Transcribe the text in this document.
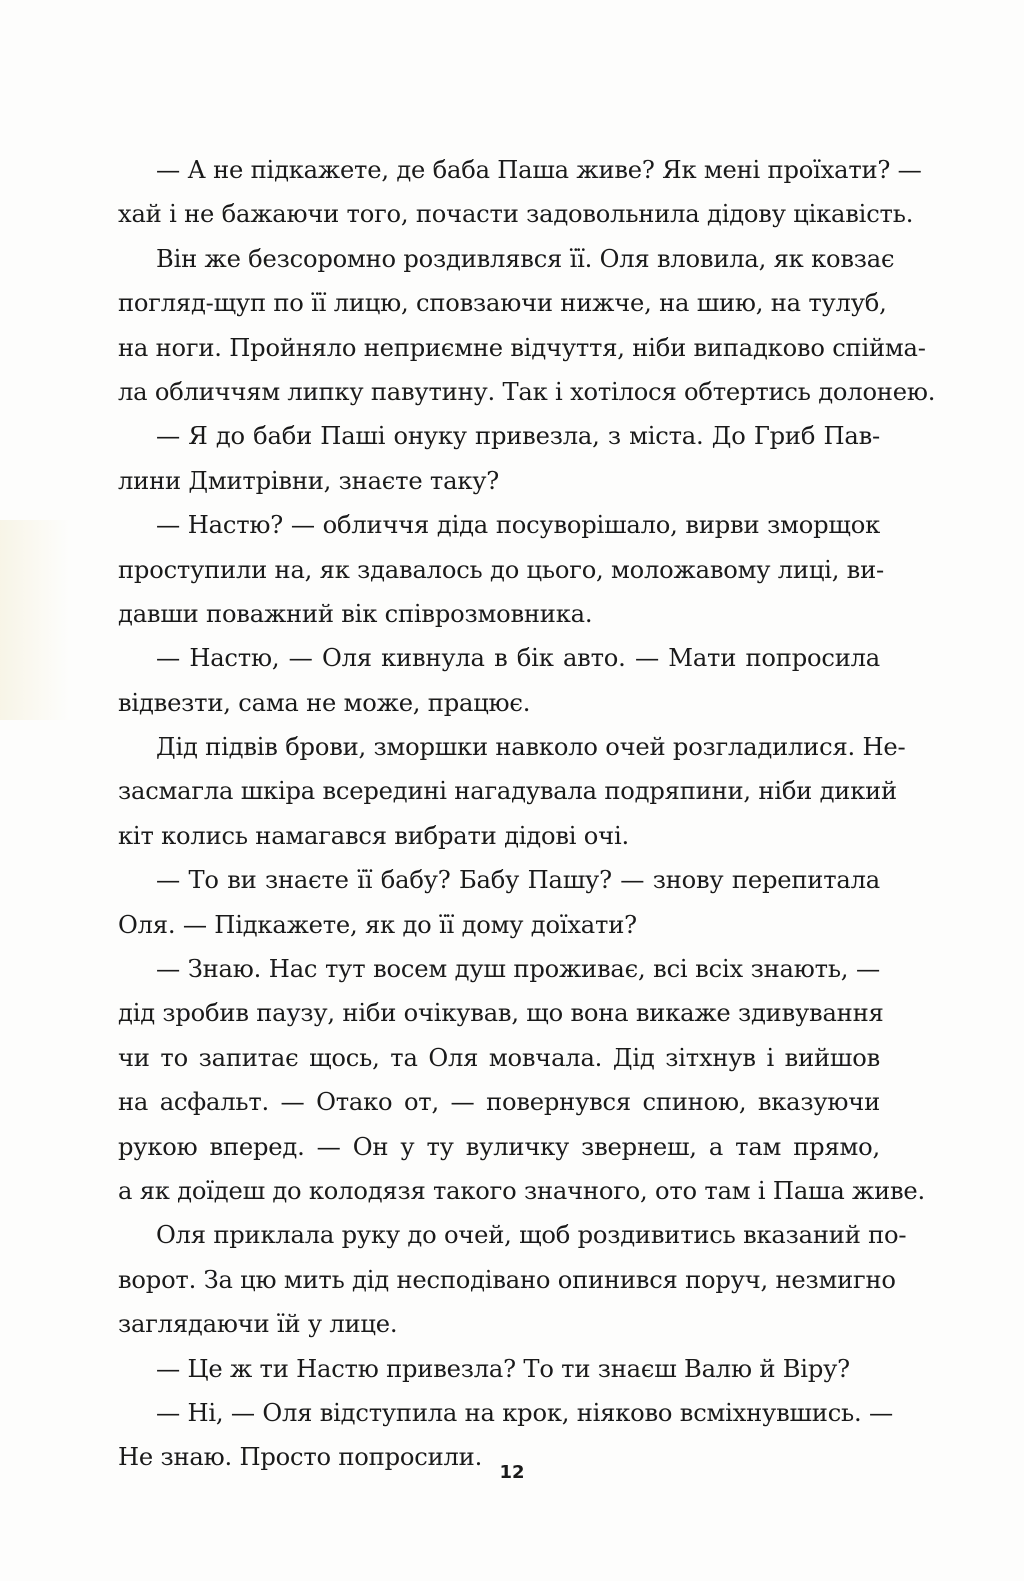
— А не підкажете, де баба Паша живе? Як мені проїхати? —
хай і не бажаючи того, почасти задовольнила дідову цікавість.
Він же безсоромно роздивлявся її. Оля вловила, як ковзає
погляд-щуп по її лицю, сповзаючи нижче, на шию, на тулуб,
на ноги. Пройняло неприємне відчуття, ніби випадково спійма-
ла обличчям липку павутину. Так і хотілося обтертись долонею.
— Я до баби Паші онуку привезла, з міста. До Гриб Пав-
лини Дмитрівни, знаєте таку?
— Настю? — обличчя діда посуворішало, вирви зморщок
проступили на, як здавалось до цього, моложавому лиці, ви-
давши поважний вік співрозмовника.
— Настю, — Оля кивнула в бік авто. — Мати попросила
відвезти, сама не може, працює.
Дід підвів брови, зморшки навколо очей розгладилися. Не-
засмагла шкіра всередині нагадувала подряпини, ніби дикий
кіт колись намагався вибрати дідові очі.
— То ви знаєте її бабу? Бабу Пашу? — знову перепитала
Оля. — Підкажете, як до її дому доїхати?
— Знаю. Нас тут восем душ проживає, всі всіх знають, —
дід зробив паузу, ніби очікував, що вона викаже здивування
чи то запитає щось, та Оля мовчала. Дід зітхнув і вийшов
на асфальт. — Отако от, — повернувся спиною, вказуючи
рукою вперед. — Он у ту вуличку звернеш, а там прямо,
а як доїдеш до колодязя такого значного, ото там і Паша живе.
Оля приклала руку до очей, щоб роздивитись вказаний по-
ворот. За цю мить дід несподівано опинився поруч, незмигно
заглядаючи їй у лице.
— Це ж ти Настю привезла? То ти знаєш Валю й Віру?
— Ні, — Оля відступила на крок, ніяково всміхнувшись. —
Не знаю. Просто попросили.
12
